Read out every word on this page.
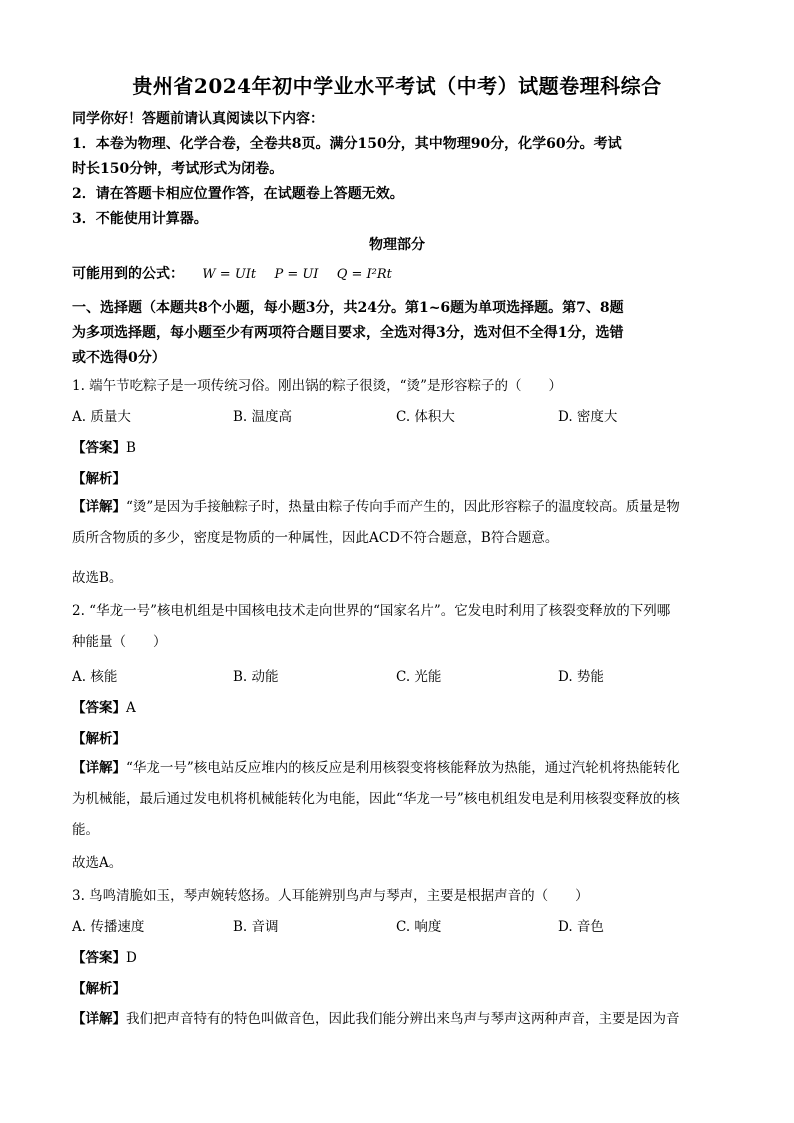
贵州省2024年初中学业水平考试（中考）试题卷理科综合
同学你好！答题前请认真阅读以下内容：
1．本卷为物理、化学合卷，全卷共8页。满分150分，其中物理90分，化学60分。考试
时长150分钟，考试形式为闭卷。
2．请在答题卡相应位置作答，在试题卷上答题无效。
3．不能使用计算器。
物理部分
可能用到的公式： W = UIt P = UI Q = I²Rt
一、选择题（本题共8个小题，每小题3分，共24分。第1~6题为单项选择题。第7、8题
为多项选择题，每小题至少有两项符合题目要求，全选对得3分，选对但不全得1分，选错
或不选得0分）
1. 端午节吃粽子是一项传统习俗。刚出锅的粽子很烫，“烫”是形容粽子的（　　）
A. 质量大	B. 温度高	C. 体积大	D. 密度大
【答案】B
【解析】
【详解】“烫”是因为手接触粽子时，热量由粽子传向手而产生的，因此形容粽子的温度较高。质量是物
质所含物质的多少，密度是物质的一种属性，因此ACD不符合题意，B符合题意。
故选B。
2. “华龙一号”核电机组是中国核电技术走向世界的“国家名片”。它发电时利用了核裂变释放的下列哪
种能量（　　）
A. 核能	B. 动能	C. 光能	D. 势能
【答案】A
【解析】
【详解】“华龙一号”核电站反应堆内的核反应是利用核裂变将核能释放为热能，通过汽轮机将热能转化
为机械能，最后通过发电机将机械能转化为电能，因此“华龙一号”核电机组发电是利用核裂变释放的核
能。
故选A。
3. 鸟鸣清脆如玉，琴声婉转悠扬。人耳能辨别鸟声与琴声，主要是根据声音的（　　）
A. 传播速度	B. 音调	C. 响度	D. 音色
【答案】D
【解析】
【详解】我们把声音特有的特色叫做音色，因此我们能分辨出来鸟声与琴声这两种声音，主要是因为音
